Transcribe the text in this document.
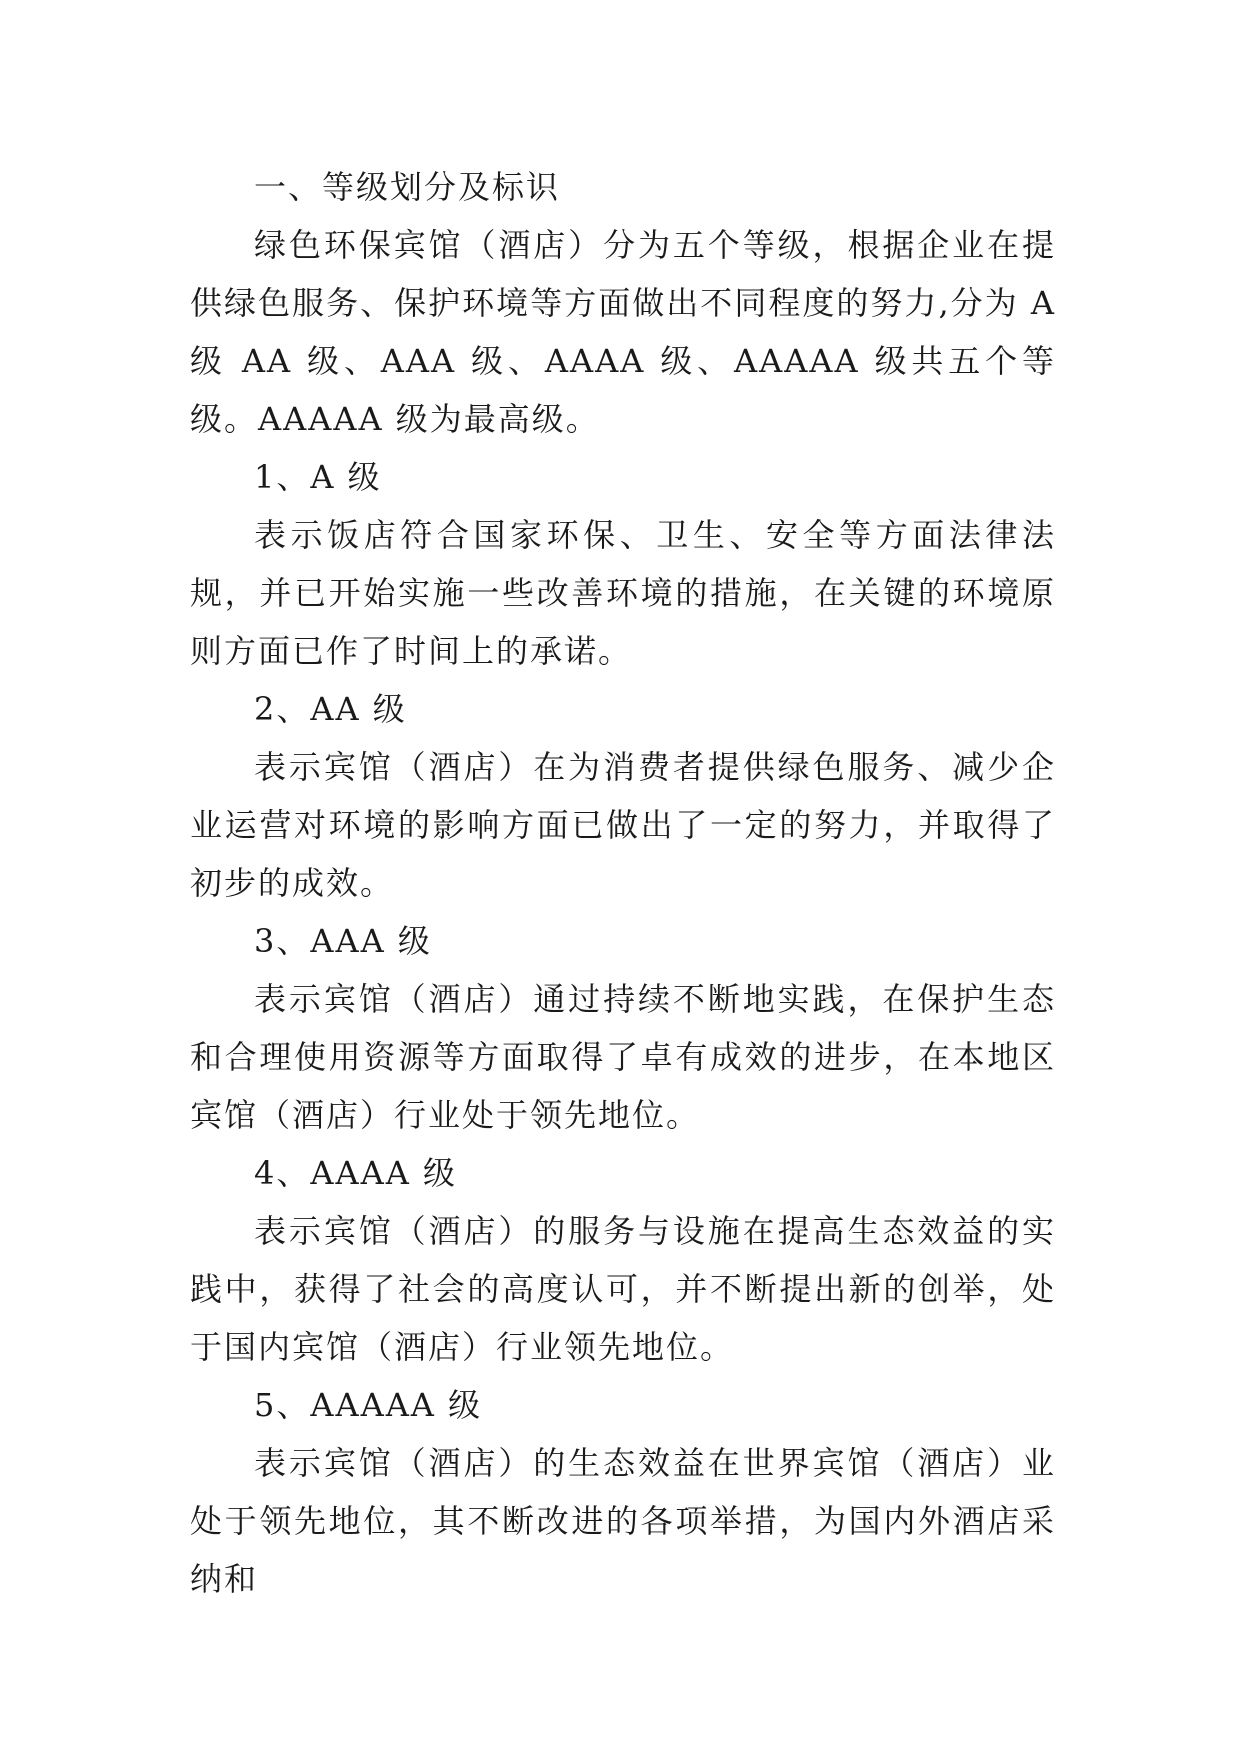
一、等级划分及标识

绿色环保宾馆（酒店）分为五个等级，根据企业在提供绿色服务、保护环境等方面做出不同程度的努力,分为 A 级 AA 级、AAA 级、AAAA 级、AAAAA 级共五个等级。AAAAA 级为最高级。

1、A 级

表示饭店符合国家环保、卫生、安全等方面法律法规，并已开始实施一些改善环境的措施，在关键的环境原则方面已作了时间上的承诺。

2、AA 级

表示宾馆（酒店）在为消费者提供绿色服务、减少企业运营对环境的影响方面已做出了一定的努力，并取得了初步的成效。

3、AAA 级

表示宾馆（酒店）通过持续不断地实践，在保护生态和合理使用资源等方面取得了卓有成效的进步，在本地区宾馆（酒店）行业处于领先地位。

4、AAAA 级

表示宾馆（酒店）的服务与设施在提高生态效益的实践中，获得了社会的高度认可，并不断提出新的创举，处于国内宾馆（酒店）行业领先地位。

5、AAAAA 级

表示宾馆（酒店）的生态效益在世界宾馆（酒店）业处于领先地位，其不断改进的各项举措，为国内外酒店采纳和
